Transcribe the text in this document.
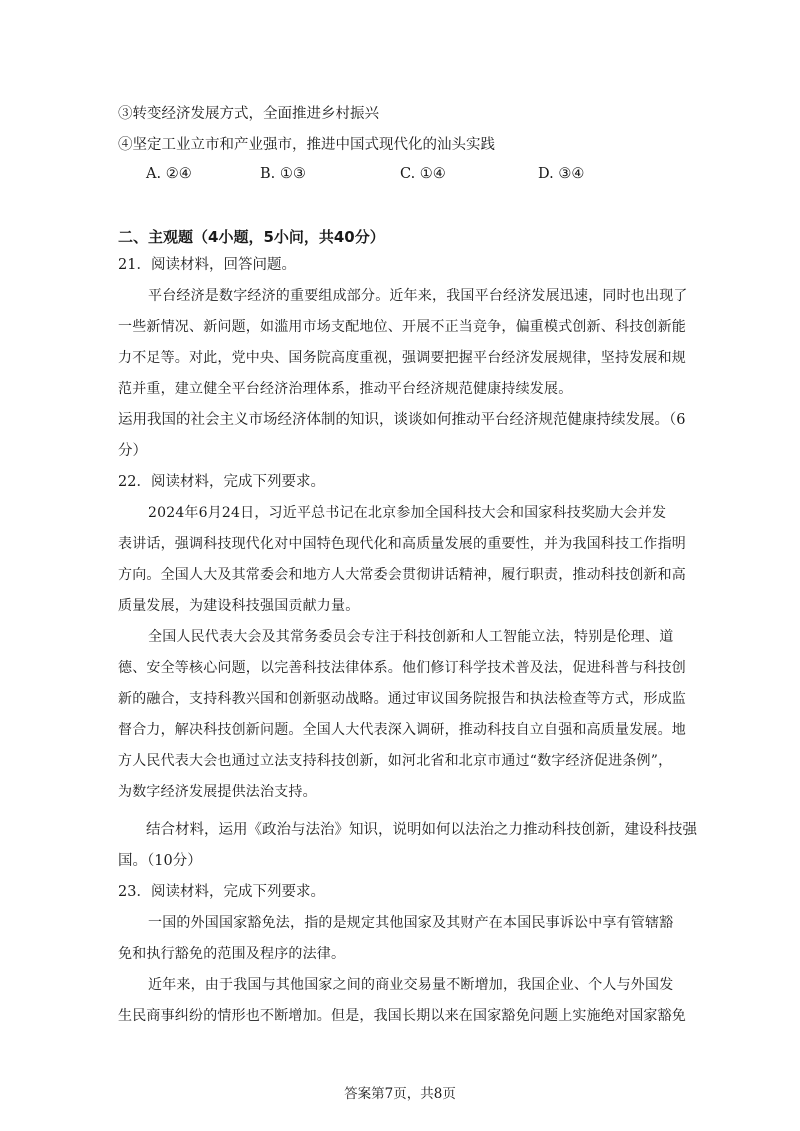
③转变经济发展方式，全面推进乡村振兴
④坚定工业立市和产业强市，推进中国式现代化的汕头实践
A. ②④	B. ①③	C. ①④	D. ③④
二、主观题（4小题，5小问，共40分）
21．阅读材料，回答问题。
平台经济是数字经济的重要组成部分。近年来，我国平台经济发展迅速，同时也出现了
一些新情况、新问题，如滥用市场支配地位、开展不正当竞争，偏重模式创新、科技创新能
力不足等。对此，党中央、国务院高度重视，强调要把握平台经济发展规律，坚持发展和规
范并重，建立健全平台经济治理体系，推动平台经济规范健康持续发展。
运用我国的社会主义市场经济体制的知识，谈谈如何推动平台经济规范健康持续发展。（6
分）
22．阅读材料，完成下列要求。
2024年6月24日，习近平总书记在北京参加全国科技大会和国家科技奖励大会并发
表讲话，强调科技现代化对中国特色现代化和高质量发展的重要性，并为我国科技工作指明
方向。全国人大及其常委会和地方人大常委会贯彻讲话精神，履行职责，推动科技创新和高
质量发展，为建设科技强国贡献力量。
全国人民代表大会及其常务委员会专注于科技创新和人工智能立法，特别是伦理、道
德、安全等核心问题，以完善科技法律体系。他们修订科学技术普及法，促进科普与科技创
新的融合，支持科教兴国和创新驱动战略。通过审议国务院报告和执法检查等方式，形成监
督合力，解决科技创新问题。全国人大代表深入调研，推动科技自立自强和高质量发展。地
方人民代表大会也通过立法支持科技创新，如河北省和北京市通过“数字经济促进条例”，
为数字经济发展提供法治支持。
结合材料，运用《政治与法治》知识，说明如何以法治之力推动科技创新，建设科技强
国。（10分）
23．阅读材料，完成下列要求。
一国的外国国家豁免法，指的是规定其他国家及其财产在本国民事诉讼中享有管辖豁
免和执行豁免的范围及程序的法律。
近年来，由于我国与其他国家之间的商业交易量不断增加，我国企业、个人与外国发
生民商事纠纷的情形也不断增加。但是，我国长期以来在国家豁免问题上实施绝对国家豁免
答案第7页，共8页
